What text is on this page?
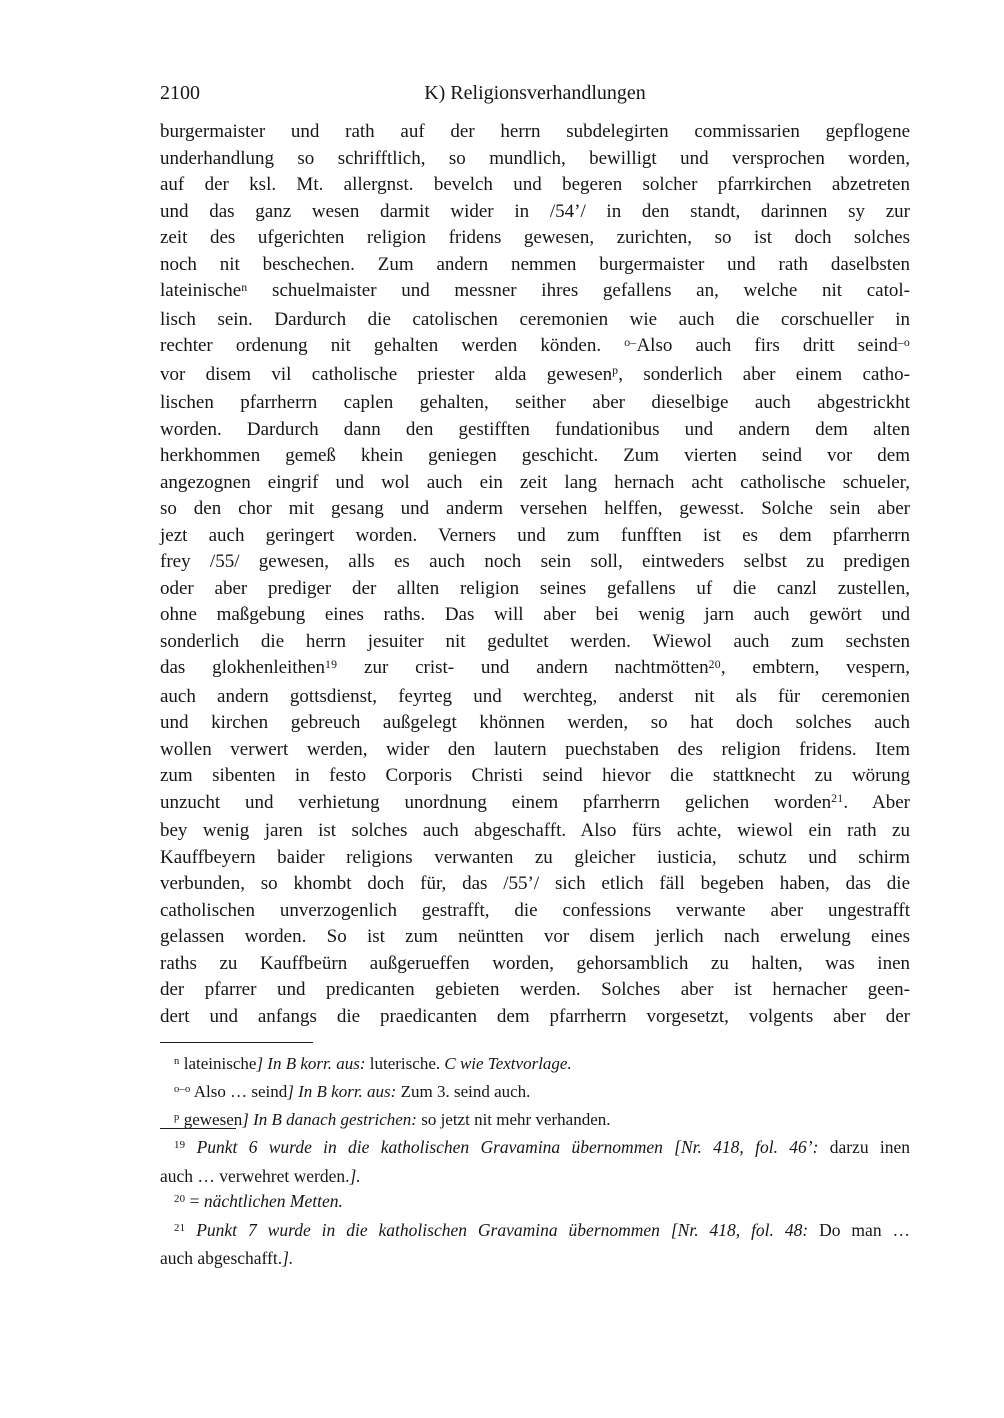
2100	K) Religionsverhandlungen
burgermaister und rath auf der herrn subdelegirten commissarien gepflogene
underhandlung so schrifftlich, so mundlich, bewilligt und versprochen worden,
auf der ksl. Mt. allergnst. bevelch und begeren solcher pfarrkirchen abzetreten
und das ganz wesen darmit wider in /54’/ in den standt, darinnen sy zur
zeit des ufgerichten religion fridens gewesen, zurichten, so ist doch solches
noch nit beschechen. Zum andern nemmen burgermaister und rath daselbsten
lateinische$^n$ schuelmaister und messner ihres gefallens an, welche nit catol-
lisch sein. Dardurch die catolischen ceremonien wie auch die corschueller in
rechter ordenung nit gehalten werden könden. $^{o-}$Also auch firs dritt seind$^{-o}$
vor disem vil catholische priester alda gewesen$^p$, sonderlich aber einem catho-
lischen pfarrherrn caplen gehalten, seither aber dieselbige auch abgestrickht
worden. Dardurch dann den gestifften fundationibus und andern dem alten
herkhommen gemeß khein geniegen geschicht. Zum vierten seind vor dem
angezognen eingrif und wol auch ein zeit lang hernach acht catholische schueler,
so den chor mit gesang und anderm versehen helffen, gewesst. Solche sein aber
jezt auch geringert worden. Verners und zum funfften ist es dem pfarrherrn
frey /55/ gewesen, alls es auch noch sein soll, eintweders selbst zu predigen
oder aber prediger der allten religion seines gefallens uf die canzl zustellen,
ohne maßgebung eines raths. Das will aber bei wenig jarn auch gewört und
sonderlich die herrn jesuiter nit gedultet werden. Wiewol auch zum sechsten
das glokhenleithen$^{19}$ zur crist- und andern nachtmötten$^{20}$, embtern, vespern,
auch andern gottsdienst, feyrteg und werchteg, anderst nit als für ceremonien
und kirchen gebreuch außgelegt khönnen werden, so hat doch solches auch
wollen verwert werden, wider den lautern puechstaben des religion fridens. Item
zum sibenten in festo Corporis Christi seind hievor die stattknecht zu wörung
unzucht und verhietung unordnung einem pfarrherrn gelichen worden$^{21}$. Aber
bey wenig jaren ist solches auch abgeschafft. Also fürs achte, wiewol ein rath zu
Kauffbeyern baider religions verwanten zu gleicher iusticia, schutz und schirm
verbunden, so khombt doch für, das /55’/ sich etlich fäll begeben haben, das die
catholischen unverzogenlich gestrafft, die confessions verwante aber ungestrafft
gelassen worden. So ist zum neüntten vor disem jerlich nach erwelung eines
raths zu Kauffbeürn außgerueffen worden, gehorsamblich zu halten, was inen
der pfarrer und predicanten gebieten werden. Solches aber ist hernacher geen-
dert und anfangs die praedicanten dem pfarrherrn vorgesetzt, volgents aber der
$^n$ lateinische] In B korr. aus: luterische. C wie Textvorlage.
$^{o-o}$ Also … seind] In B korr. aus: Zum 3. seind auch.
$^p$ gewesen] In B danach gestrichen: so jetzt nit mehr verhanden.
$^{19}$ Punkt 6 wurde in die katholischen Gravamina übernommen [Nr. 418, fol. 46’: darzu inen
auch … verwehret werden.].
$^{20}$ = nächtlichen Metten.
$^{21}$ Punkt 7 wurde in die katholischen Gravamina übernommen [Nr. 418, fol. 48: Do man …
auch abgeschafft.].
